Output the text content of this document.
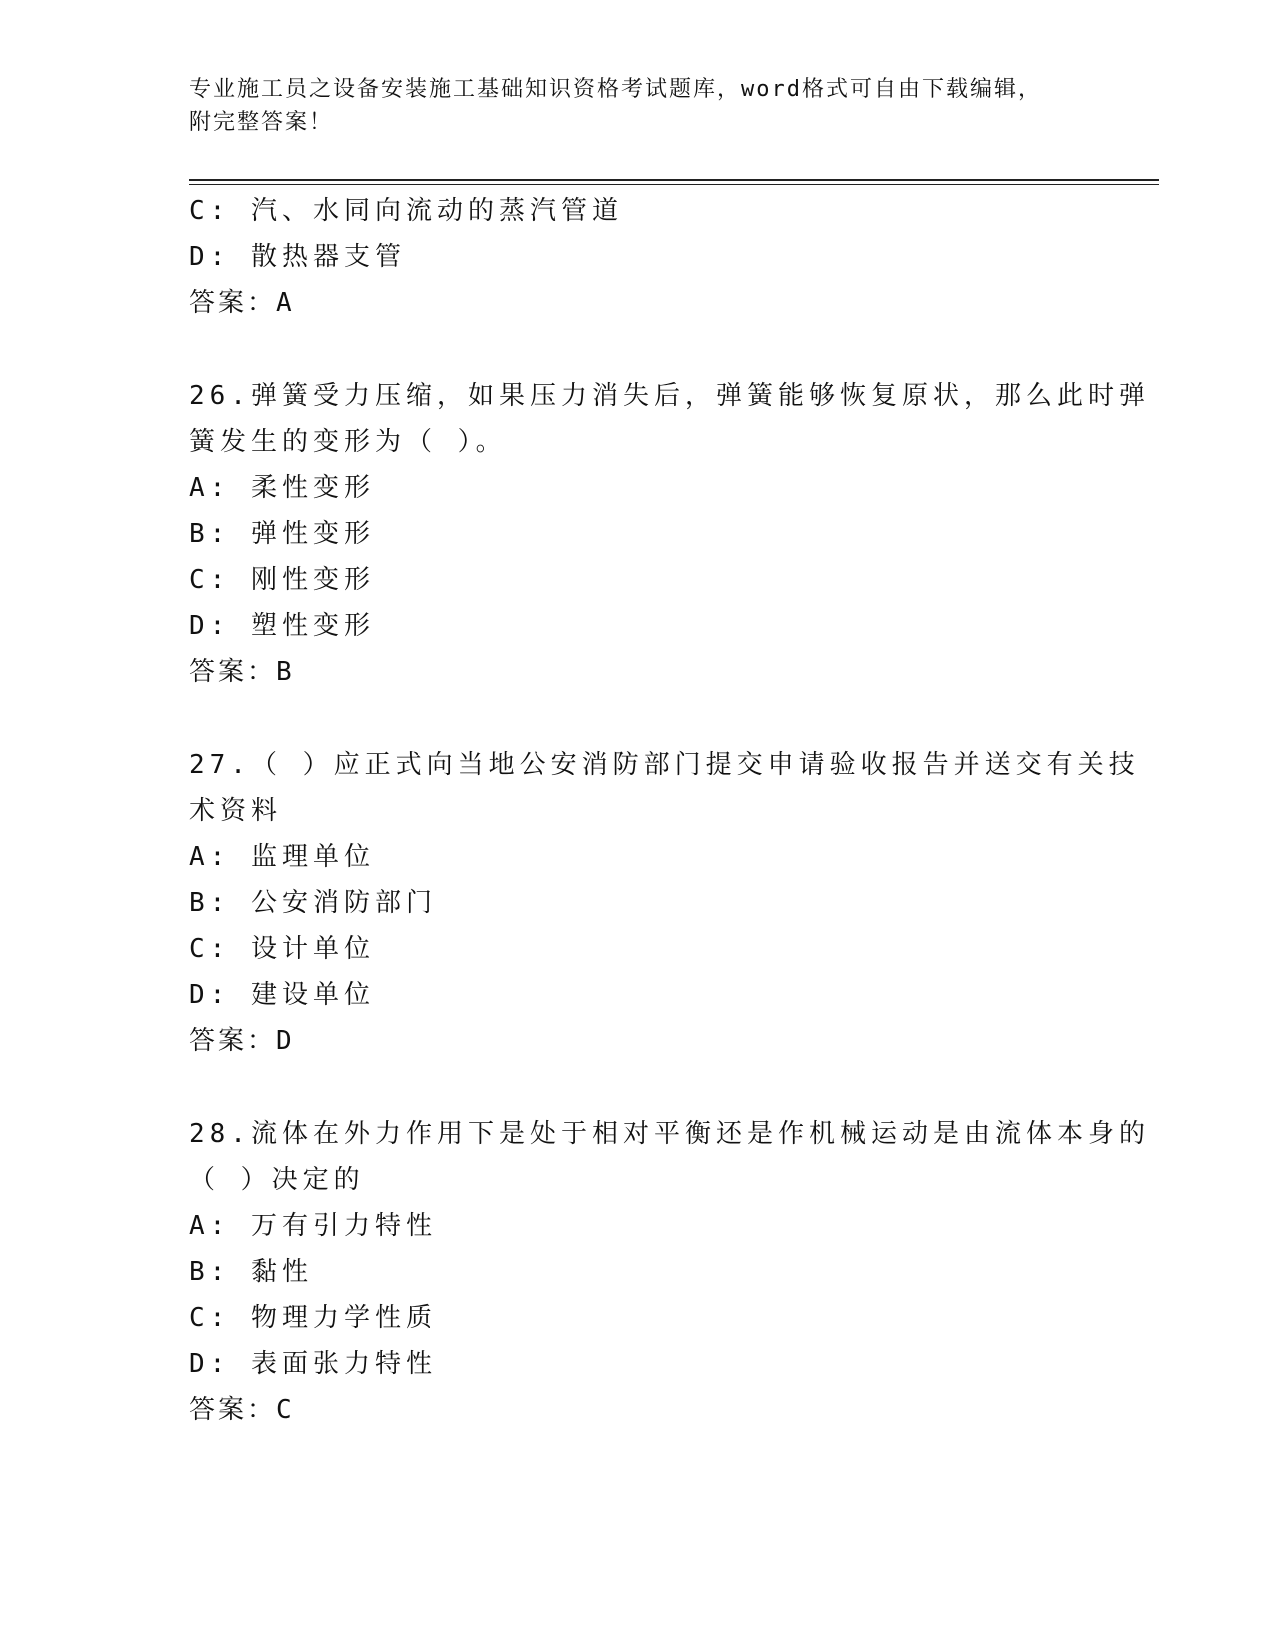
专业施工员之设备安装施工基础知识资格考试题库，word格式可自由下载编辑，
附完整答案！
C: 汽、水同向流动的蒸汽管道
D: 散热器支管
答案：A
26.弹簧受力压缩，如果压力消失后，弹簧能够恢复原状，那么此时弹
簧发生的变形为（ ）。
A: 柔性变形
B: 弹性变形
C: 刚性变形
D: 塑性变形
答案：B
27.（ ）应正式向当地公安消防部门提交申请验收报告并送交有关技
术资料
A: 监理单位
B: 公安消防部门
C: 设计单位
D: 建设单位
答案：D
28.流体在外力作用下是处于相对平衡还是作机械运动是由流体本身的
（ ）决定的
A: 万有引力特性
B: 黏性
C: 物理力学性质
D: 表面张力特性
答案：C
